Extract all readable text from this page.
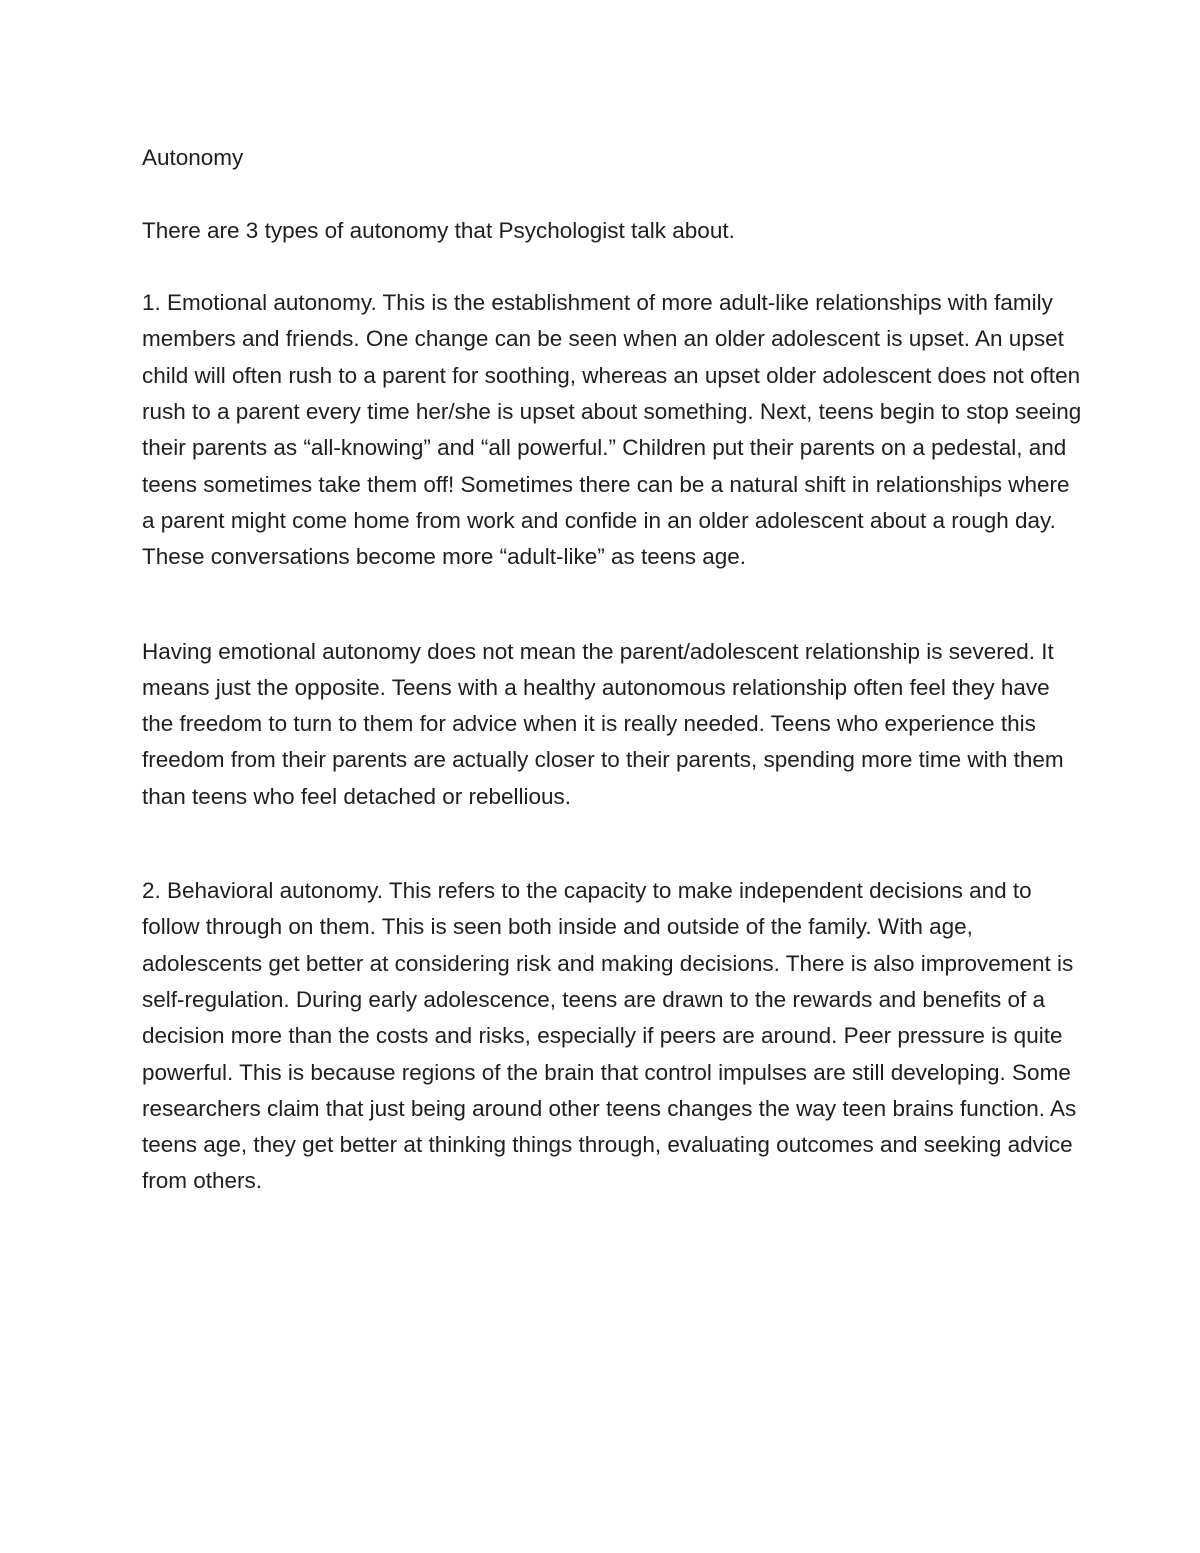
Autonomy

There are 3 types of autonomy that Psychologist talk about.

1. Emotional autonomy. This is the establishment of more adult-like relationships with family members and friends. One change can be seen when an older adolescent is upset. An upset child will often rush to a parent for soothing, whereas an upset older adolescent does not often rush to a parent every time her/she is upset about something. Next, teens begin to stop seeing their parents as “all-knowing” and “all powerful.” Children put their parents on a pedestal, and teens sometimes take them off! Sometimes there can be a natural shift in relationships where a parent might come home from work and confide in an older adolescent about a rough day. These conversations become more “adult-like” as teens age.

Having emotional autonomy does not mean the parent/adolescent relationship is severed. It means just the opposite. Teens with a healthy autonomous relationship often feel they have the freedom to turn to them for advice when it is really needed. Teens who experience this freedom from their parents are actually closer to their parents, spending more time with them than teens who feel detached or rebellious.

2. Behavioral autonomy. This refers to the capacity to make independent decisions and to follow through on them. This is seen both inside and outside of the family. With age, adolescents get better at considering risk and making decisions. There is also improvement is self-regulation. During early adolescence, teens are drawn to the rewards and benefits of a decision more than the costs and risks, especially if peers are around. Peer pressure is quite powerful. This is because regions of the brain that control impulses are still developing. Some researchers claim that just being around other teens changes the way teen brains function. As teens age, they get better at thinking things through, evaluating outcomes and seeking advice from others.
